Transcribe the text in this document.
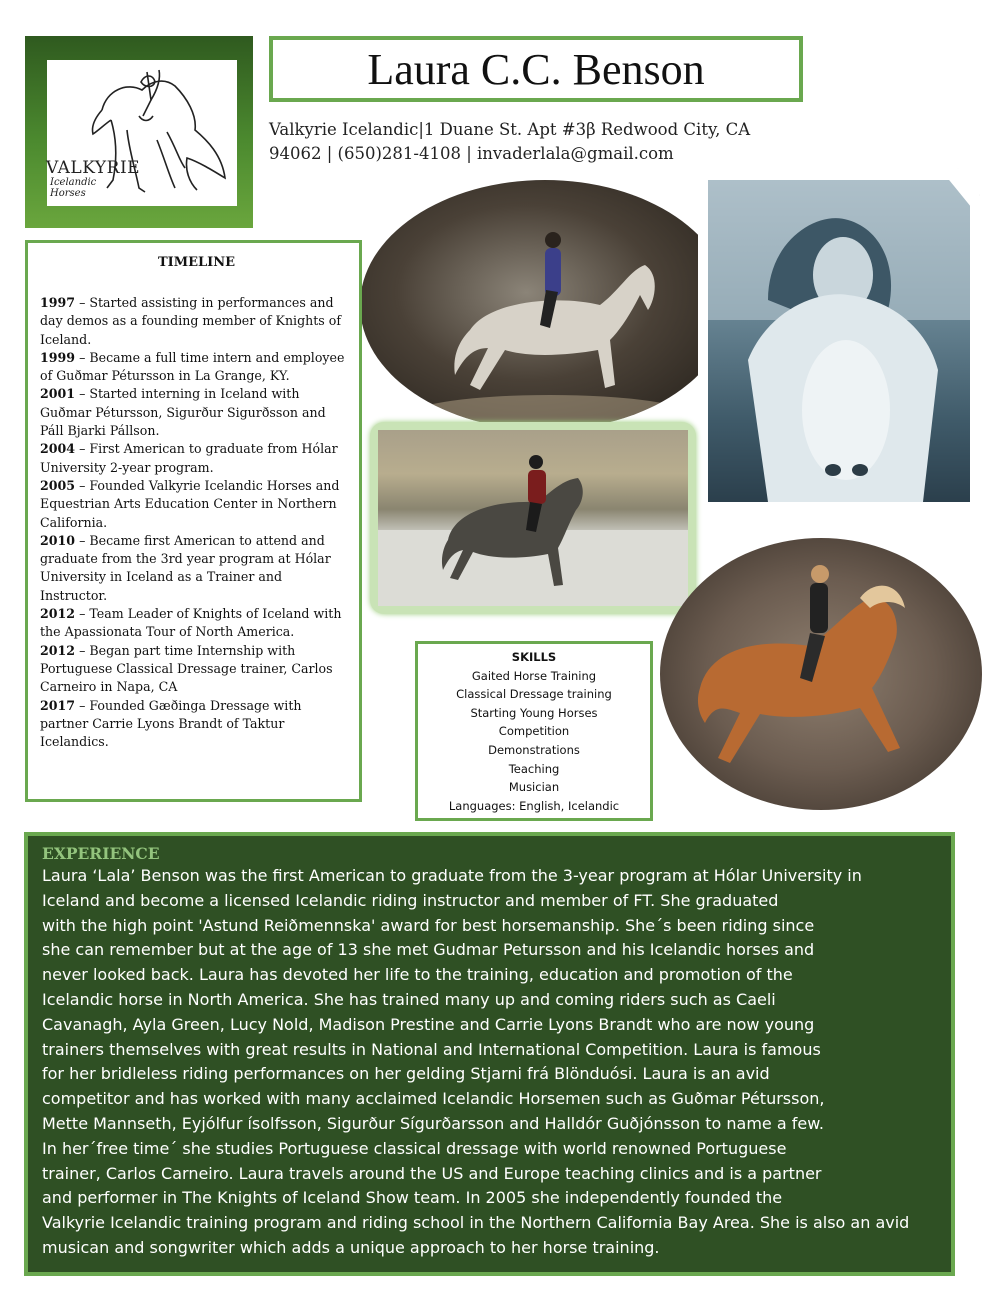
VALKYRIE
Icelandic Horses
Laura C.C. Benson
Valkyrie Icelandic|1 Duane St. Apt #3β Redwood City, CA
94062 | (650)281-4108 | invaderlala@gmail.com
TIMELINE
1997 – Started assisting in performances and day demos as a founding member of Knights of Iceland.
1999 – Became a full time intern and employee of Guðmar Pétursson in La Grange, KY.
2001 – Started interning in Iceland with Guðmar Pétursson, Sigurður Sigurðsson and Páll Bjarki Pállson.
2004 – First American to graduate from Hólar University 2-year program.
2005 – Founded Valkyrie Icelandic Horses and Equestrian Arts Education Center in Northern California.
2010 – Became first American to attend and graduate from the 3rd year program at Hólar University in Iceland as a Trainer and Instructor.
2012 – Team Leader of Knights of Iceland with the Apassionata Tour of North America.
2012 – Began part time Internship with Portuguese Classical Dressage trainer, Carlos Carneiro in Napa, CA
2017 – Founded Gæðinga Dressage with partner Carrie Lyons Brandt of Taktur Icelandics.
SKILLS
Gaited Horse Training
Classical Dressage training
Starting Young Horses
Competition
Demonstrations
Teaching
Musician
Languages: English, Icelandic
EXPERIENCE
Laura ‘Lala’ Benson was the first American to graduate from the 3-year program at Hólar University in
Iceland and become a licensed Icelandic riding instructor and member of FT. She graduated
with the high point 'Astund Reiðmennska' award for best horsemanship. She´s been riding since
she can remember but at the age of 13 she met Gudmar Petursson and his Icelandic horses and
never looked back. Laura has devoted her life to the training, education and promotion of the
Icelandic horse in North America. She has trained many up and coming riders such as Caeli
Cavanagh, Ayla Green, Lucy Nold, Madison Prestine and Carrie Lyons Brandt who are now young
trainers themselves with great results in National and International Competition. Laura is famous
for her bridleless riding performances on her gelding Stjarni frá Blönduósi. Laura is an avid
competitor and has worked with many acclaimed Icelandic Horsemen such as Guðmar Pétursson,
Mette Mannseth, Eyjólfur ísolfsson, Sigurður Sígurðarsson and Halldór Guðjónsson to name a few.
In her´free time´ she studies Portuguese classical dressage with world renowned Portuguese
trainer, Carlos Carneiro. Laura travels around the US and Europe teaching clinics and is a partner
and performer in The Knights of Iceland Show team. In 2005 she independently founded the
Valkyrie Icelandic training program and riding school in the Northern California Bay Area. She is also an avid
musican and songwriter which adds a unique approach to her horse training.
